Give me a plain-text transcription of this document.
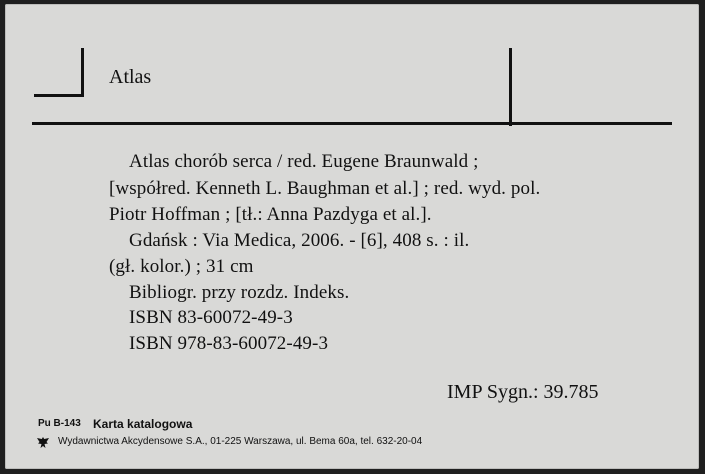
Atlas
Atlas chorób serca / red. Eugene Braunwald ;
[współred. Kenneth L. Baughman et al.] ; red. wyd. pol.
Piotr Hoffman ; [tł.: Anna Pazdyga et al.].
Gdańsk : Via Medica, 2006. - [6], 408 s. : il.
(gł. kolor.) ; 31 cm
Bibliogr. przy rozdz. Indeks.
ISBN 83-60072-49-3
ISBN 978-83-60072-49-3
IMP Sygn.: 39.785
Pu B-143 Karta katalogowa
Wydawnictwa Akcydensowe S.A., 01-225 Warszawa, ul. Bema 60a, tel. 632-20-04
